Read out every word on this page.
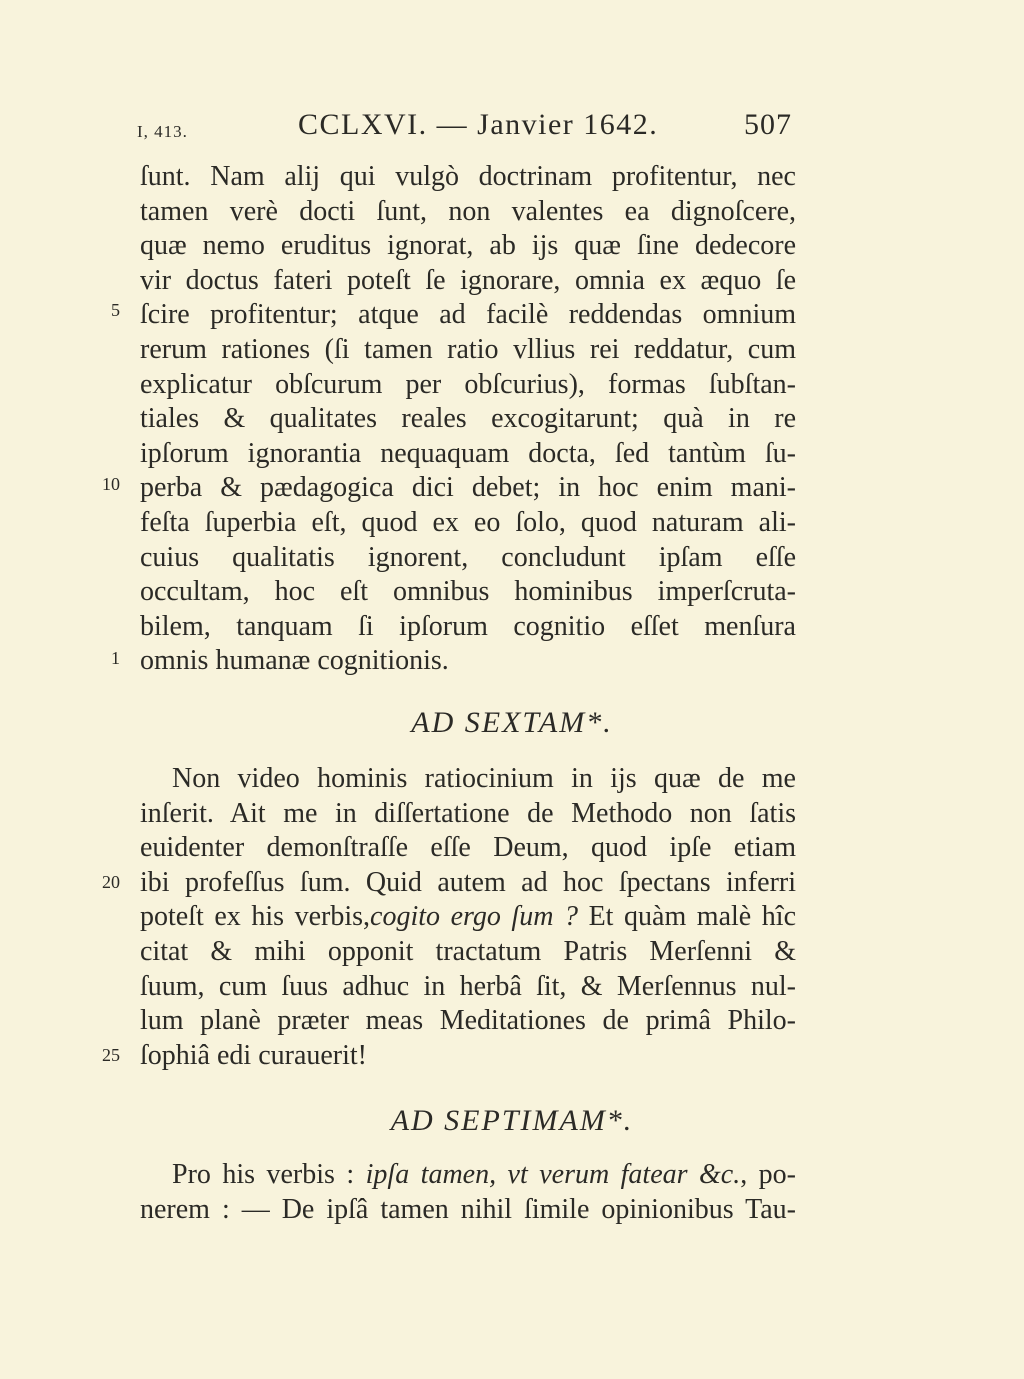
I, 413.	CCLXVI. — Janvier 1642.	507
5
10
1
20
25
ſunt. Nam alij qui vulgò doctrinam profitentur, nec
tamen verè docti ſunt, non valentes ea dignoſcere,
quæ nemo eruditus ignorat, ab ijs quæ ſine dedecore
vir doctus fateri poteſt ſe ignorare, omnia ex æquo ſe
ſcire profitentur; atque ad facilè reddendas omnium
rerum rationes (ſi tamen ratio vllius rei reddatur, cum
explicatur obſcurum per obſcurius), formas ſubſtan-
tiales & qualitates reales excogitarunt; quà in re
ipſorum ignorantia nequaquam docta, ſed tantùm ſu-
perba & pædagogica dici debet; in hoc enim mani-
feſta ſuperbia eſt, quod ex eo ſolo, quod naturam ali-
cuius qualitatis ignorent, concludunt ipſam eſſe
occultam, hoc eſt omnibus hominibus imperſcruta-
bilem, tanquam ſi ipſorum cognitio eſſet menſura
omnis humanæ cognitionis.
AD SEXTAM*.
Non video hominis ratiocinium in ijs quæ de me
inſerit. Ait me in diſſertatione de Methodo non ſatis
euidenter demonſtraſſe eſſe Deum, quod ipſe etiam
ibi profeſſus ſum. Quid autem ad hoc ſpectans inferri
poteſt ex his verbis,cogito ergo ſum ? Et quàm malè hîc
citat & mihi opponit tractatum Patris Merſenni &
ſuum, cum ſuus adhuc in herbâ ſit, & Merſennus nul-
lum planè præter meas Meditationes de primâ Philo-
ſophiâ edi curauerit!
AD SEPTIMAM*.
Pro his verbis : ipſa tamen, vt verum fatear &c., po-
nerem : — De ipſâ tamen nihil ſimile opinionibus Tau-
